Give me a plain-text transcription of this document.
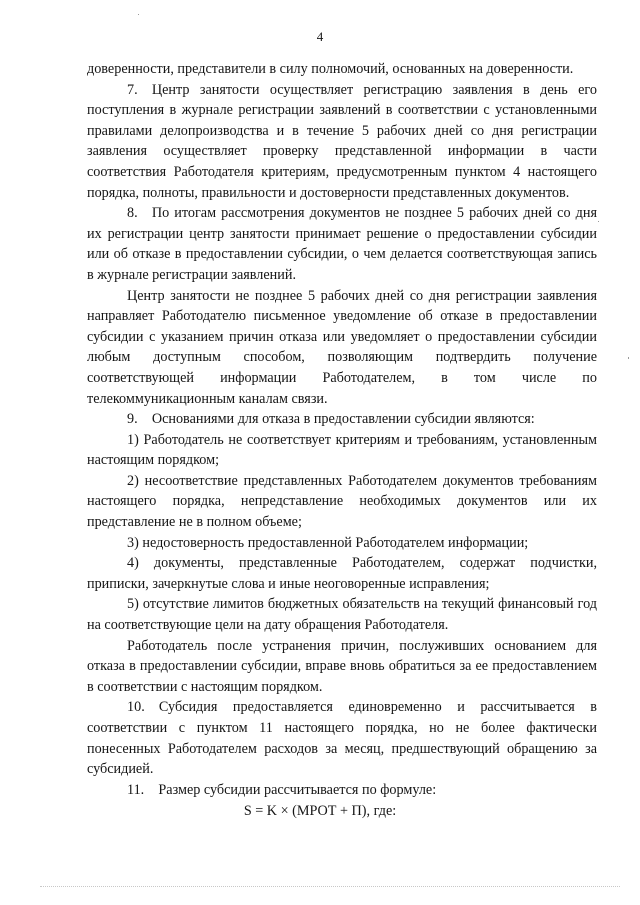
4

доверенности, представители в силу полномочий, основанных на доверенности.

7. Центр занятости осуществляет регистрацию заявления в день его поступления в журнале регистрации заявлений в соответствии с установленными правилами делопроизводства и в течение 5 рабочих дней со дня регистрации заявления осуществляет проверку представленной информации в части соответствия Работодателя критериям, предусмотренным пунктом 4 настоящего порядка, полноты, правильности и достоверности представленных документов.

8. По итогам рассмотрения документов не позднее 5 рабочих дней со дня их регистрации центр занятости принимает решение о предоставлении субсидии или об отказе в предоставлении субсидии, о чем делается соответствующая запись в журнале регистрации заявлений.

Центр занятости не позднее 5 рабочих дней со дня регистрации заявления направляет Работодателю письменное уведомление об отказе в предоставлении субсидии с указанием причин отказа или уведомляет о предоставлении субсидии любым доступным способом, позволяющим подтвердить получение соответствующей информации Работодателем, в том числе по телекоммуникационным каналам связи.

9. Основаниями для отказа в предоставлении субсидии являются:

1) Работодатель не соответствует критериям и требованиям, установленным настоящим порядком;

2) несоответствие представленных Работодателем документов требованиям настоящего порядка, непредставление необходимых документов или их представление не в полном объеме;

3) недостоверность предоставленной Работодателем информации;

4) документы, представленные Работодателем, содержат подчистки, приписки, зачеркнутые слова и иные неоговоренные исправления;

5) отсутствие лимитов бюджетных обязательств на текущий финансовый год на соответствующие цели на дату обращения Работодателя.

Работодатель после устранения причин, послуживших основанием для отказа в предоставлении субсидии, вправе вновь обратиться за ее предоставлением в соответствии с настоящим порядком.

10. Субсидия предоставляется единовременно и рассчитывается в соответствии с пунктом 11 настоящего порядка, но не более фактически понесенных Работодателем расходов за месяц, предшествующий обращению за субсидией.

11. Размер субсидии рассчитывается по формуле:

S = K × (МРОТ + П), где:
